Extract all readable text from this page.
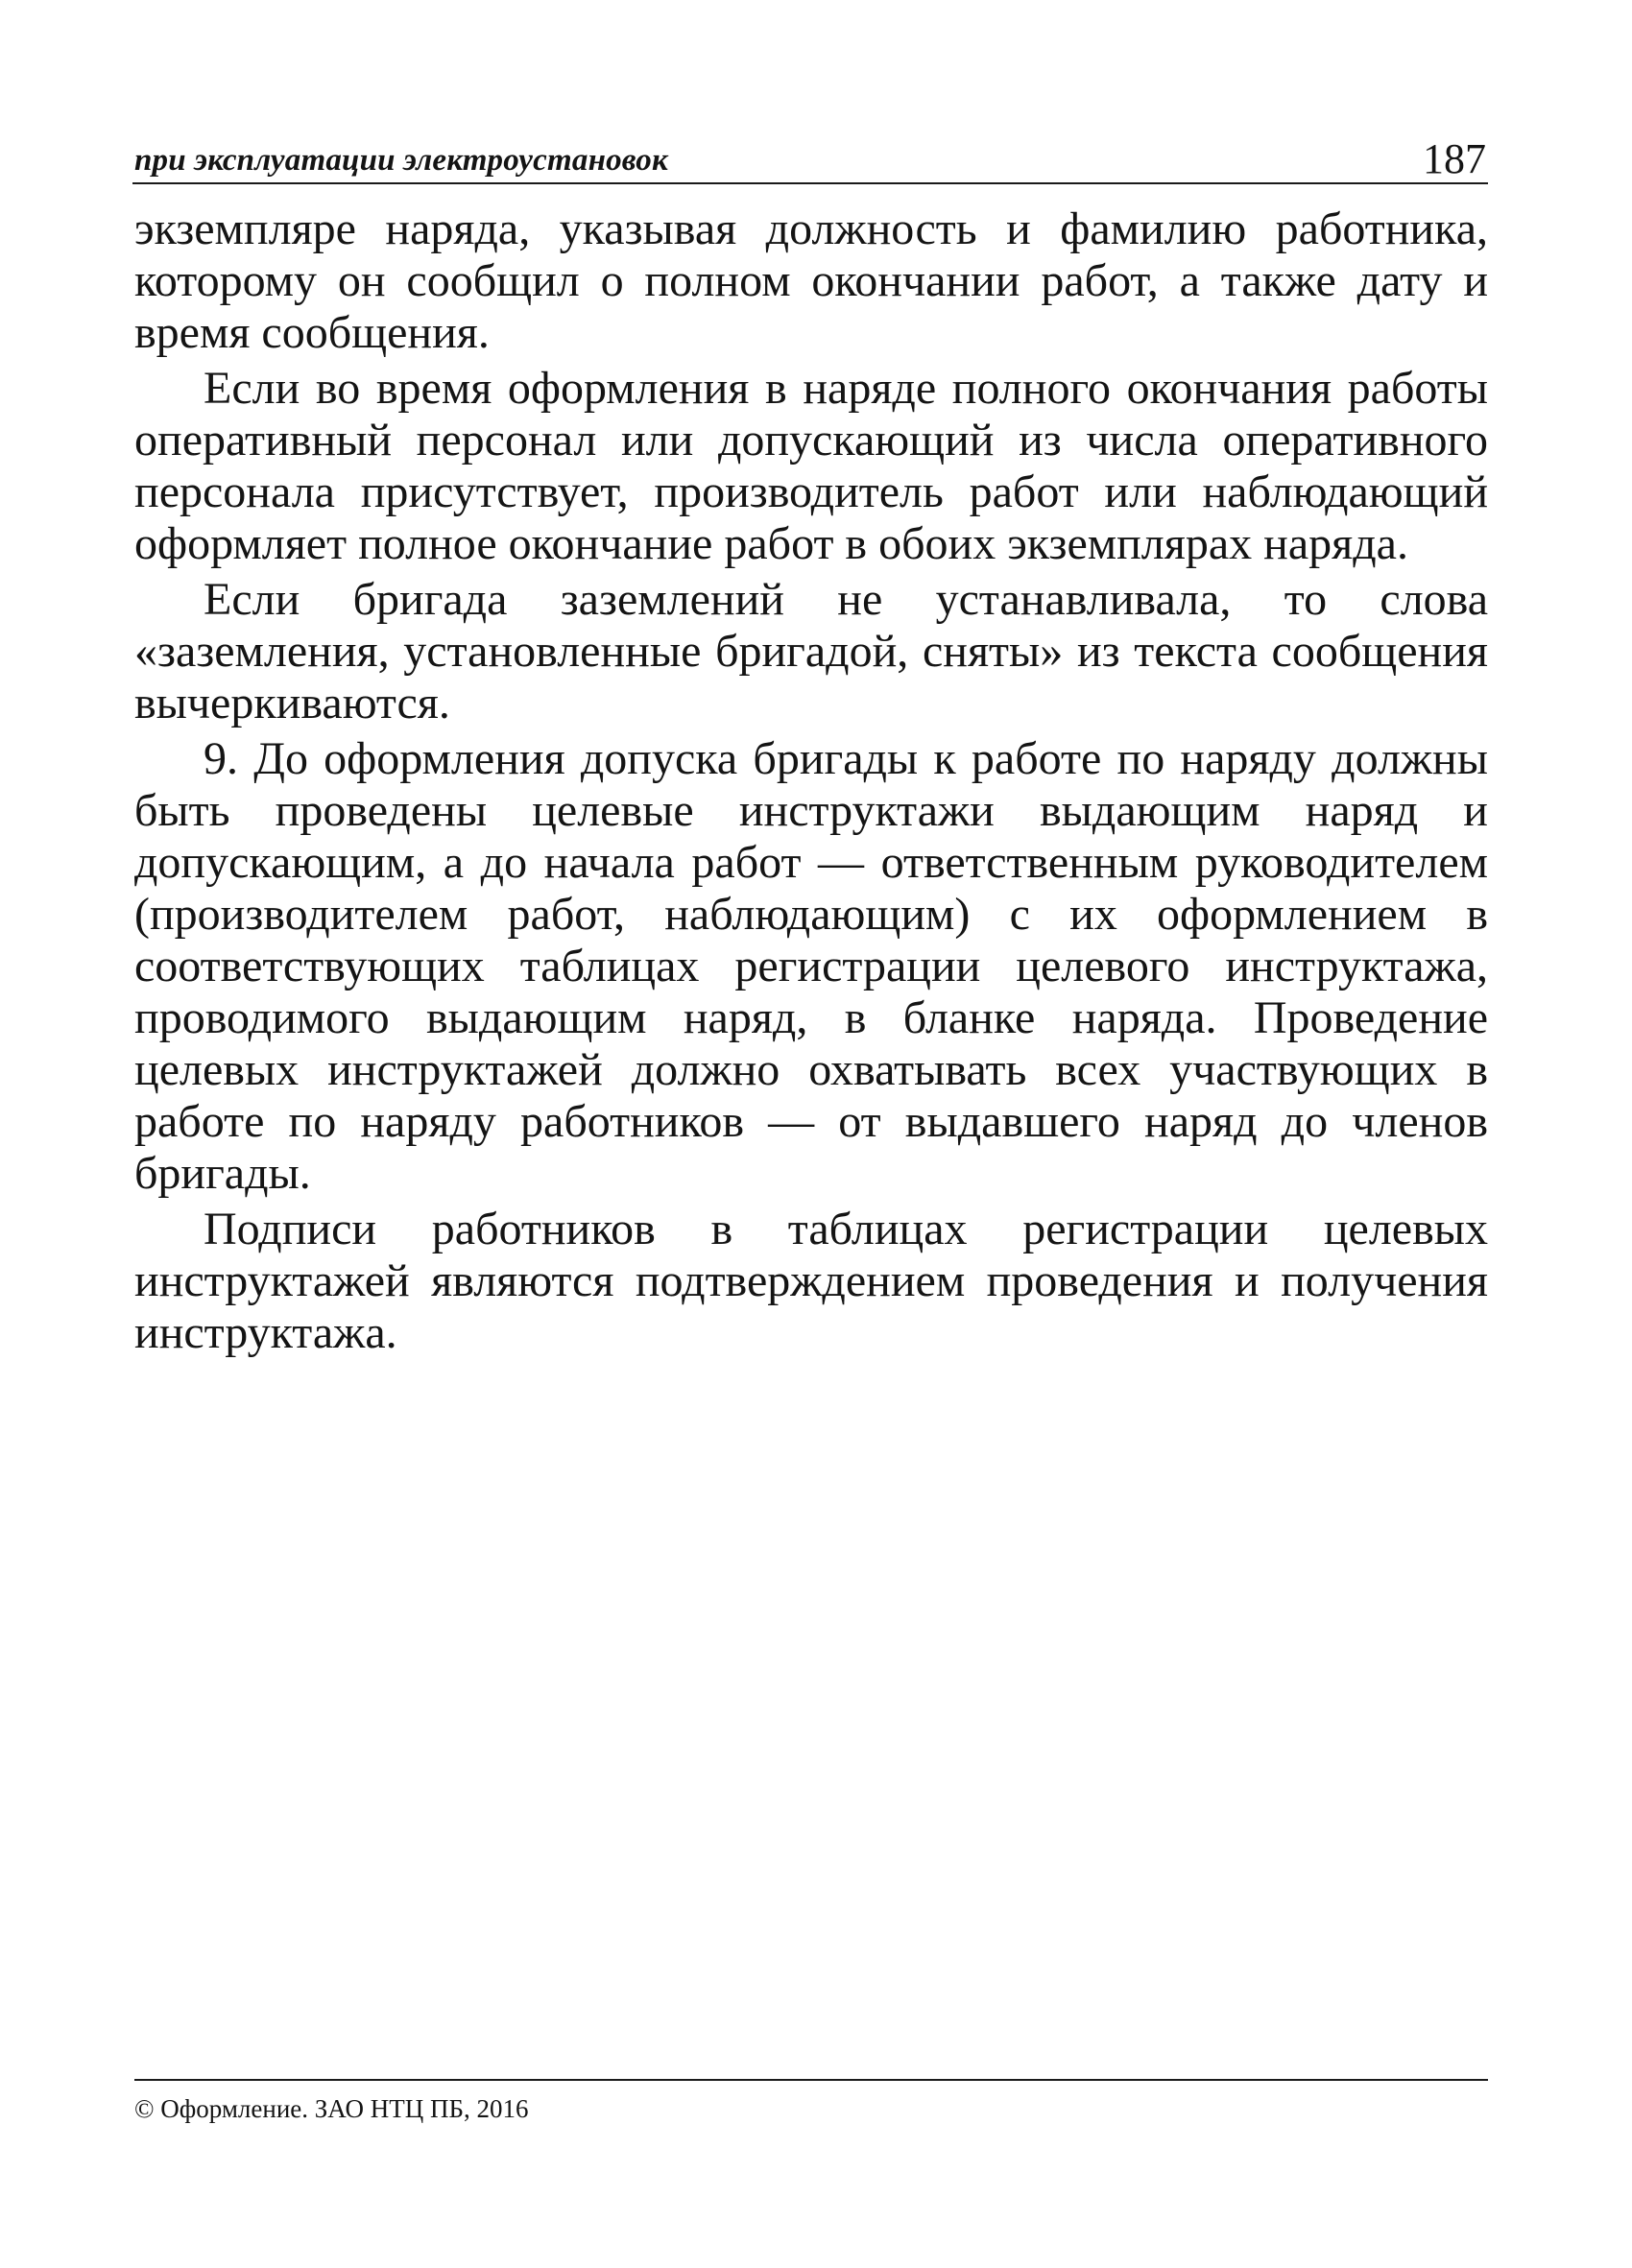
при эксплуатации электроустановок	187

экземпляре наряда, указывая должность и фамилию работника, которому он сообщил о полном окончании работ, а также дату и время сообщения.

Если во время оформления в наряде полного окончания работы оперативный персонал или допускающий из числа оперативного персонала присутствует, производитель работ или наблюдающий оформляет полное окончание работ в обоих экземплярах наряда.

Если бригада заземлений не устанавливала, то слова «заземления, установленные бригадой, сняты» из текста сообщения вычеркиваются.

9. До оформления допуска бригады к работе по наряду должны быть проведены целевые инструктажи выдающим наряд и допускающим, а до начала работ — ответственным руководителем (производителем работ, наблюдающим) с их оформлением в соответствующих таблицах регистрации целевого инструктажа, проводимого выдающим наряд, в бланке наряда. Проведение целевых инструктажей должно охватывать всех участвующих в работе по наряду работников — от выдавшего наряд до членов бригады.

Подписи работников в таблицах регистрации целевых инструктажей являются подтверждением проведения и получения инструктажа.

© Оформление. ЗАО НТЦ ПБ, 2016
